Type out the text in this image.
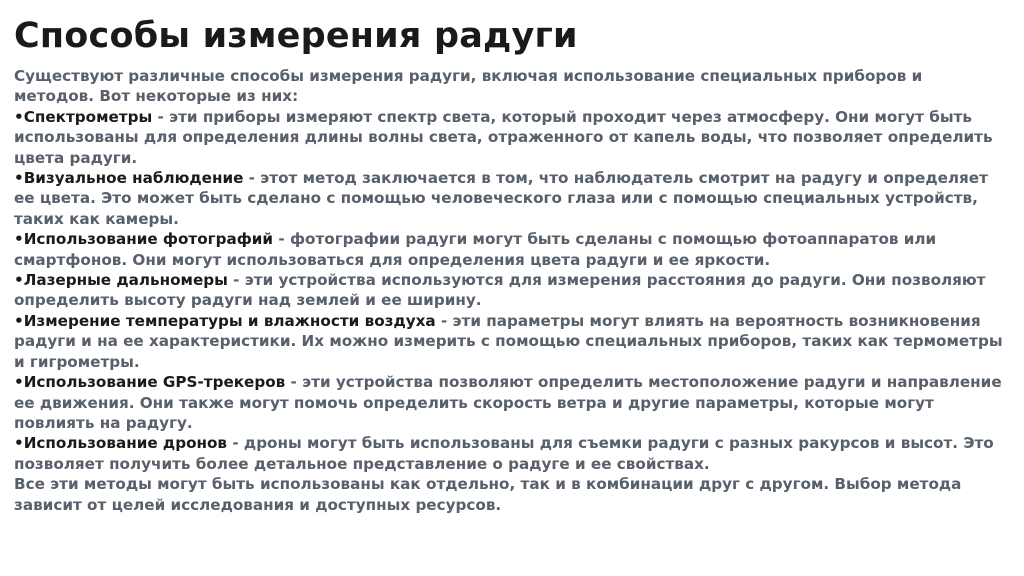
Способы измерения радуги

Существуют различные способы измерения радуги, включая использование специальных приборов и методов. Вот некоторые из них:

•Спектрометры - эти приборы измеряют спектр света, который проходит через атмосферу. Они могут быть использованы для определения длины волны света, отраженного от капель воды, что позволяет определить цвета радуги.

•Визуальное наблюдение - этот метод заключается в том, что наблюдатель смотрит на радугу и определяет ее цвета. Это может быть сделано с помощью человеческого глаза или с помощью специальных устройств, таких как камеры.

•Использование фотографий - фотографии радуги могут быть сделаны с помощью фотоаппаратов или смартфонов. Они могут использоваться для определения цвета радуги и ее яркости.

•Лазерные дальномеры - эти устройства используются для измерения расстояния до радуги. Они позволяют определить высоту радуги над землей и ее ширину.

•Измерение температуры и влажности воздуха - эти параметры могут влиять на вероятность возникновения радуги и на ее характеристики. Их можно измерить с помощью специальных приборов, таких как термометры и гигрометры.

•Использование GPS-трекеров - эти устройства позволяют определить местоположение радуги и направление ее движения. Они также могут помочь определить скорость ветра и другие параметры, которые могут повлиять на радугу.

•Использование дронов - дроны могут быть использованы для съемки радуги с разных ракурсов и высот. Это позволяет получить более детальное представление о радуге и ее свойствах.

Все эти методы могут быть использованы как отдельно, так и в комбинации друг с другом. Выбор метода зависит от целей исследования и доступных ресурсов.
